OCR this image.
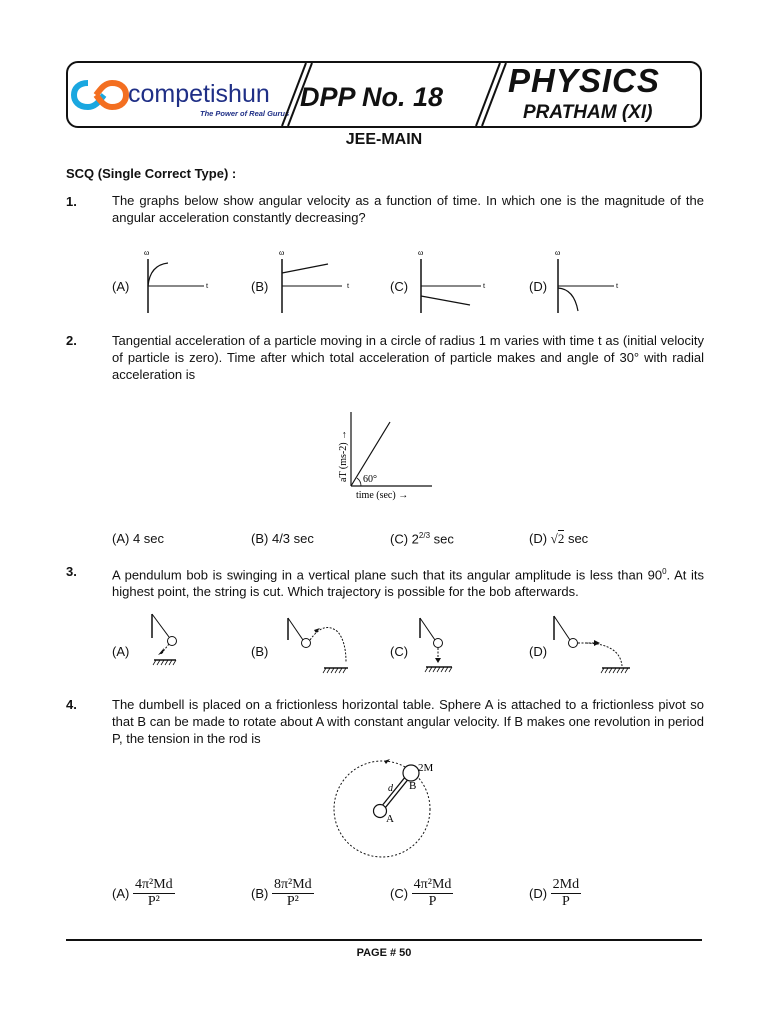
competishun
The Power of Real Gurus
DPP No. 18 PHYSICS
PRATHAM (XI)
JEE-MAIN
SCQ (Single Correct Type) :
1.	The graphs below show angular velocity as a function of time. In which one is the magnitude of the angular acceleration constantly decreasing?
(A)
ω
t	(B)
ω
t	(C)
ω
t	(D)
ω
t
2.	Tangential acceleration of a particle moving in a circle of radius 1 m varies with time t as (initial velocity of particle is zero). Time after which total acceleration of particle makes and angle of 30° with radial acceleration is
60°
time (sec) →
aT (ms-2) →
(A) 4 sec	(B) 4/3 sec	(C) $2^{2/3}$ sec	(D) √2 sec
3.	A pendulum bob is swinging in a vertical plane such that its angular amplitude is less than $90^0$. At its highest point, the string is cut. Which trajectory is possible for the bob afterwards.
(A)	(B)	(C)	(D)
4.	The dumbell is placed on a frictionless horizontal table. Sphere A is attached to a frictionless pivot so that B can be made to rotate about A with constant angular velocity. If B makes one revolution in period P, the tension in the rod is
2M
B
A
d
$(A) \frac{\text{4π²Md}}{\text{P²}}$	$(B) \frac{\text{8π²Md}}{\text{P²}}$	$(C) \frac{\text{4π²Md}}{P}$	$(D) \frac{2Md}{P}$
PAGE # 50
